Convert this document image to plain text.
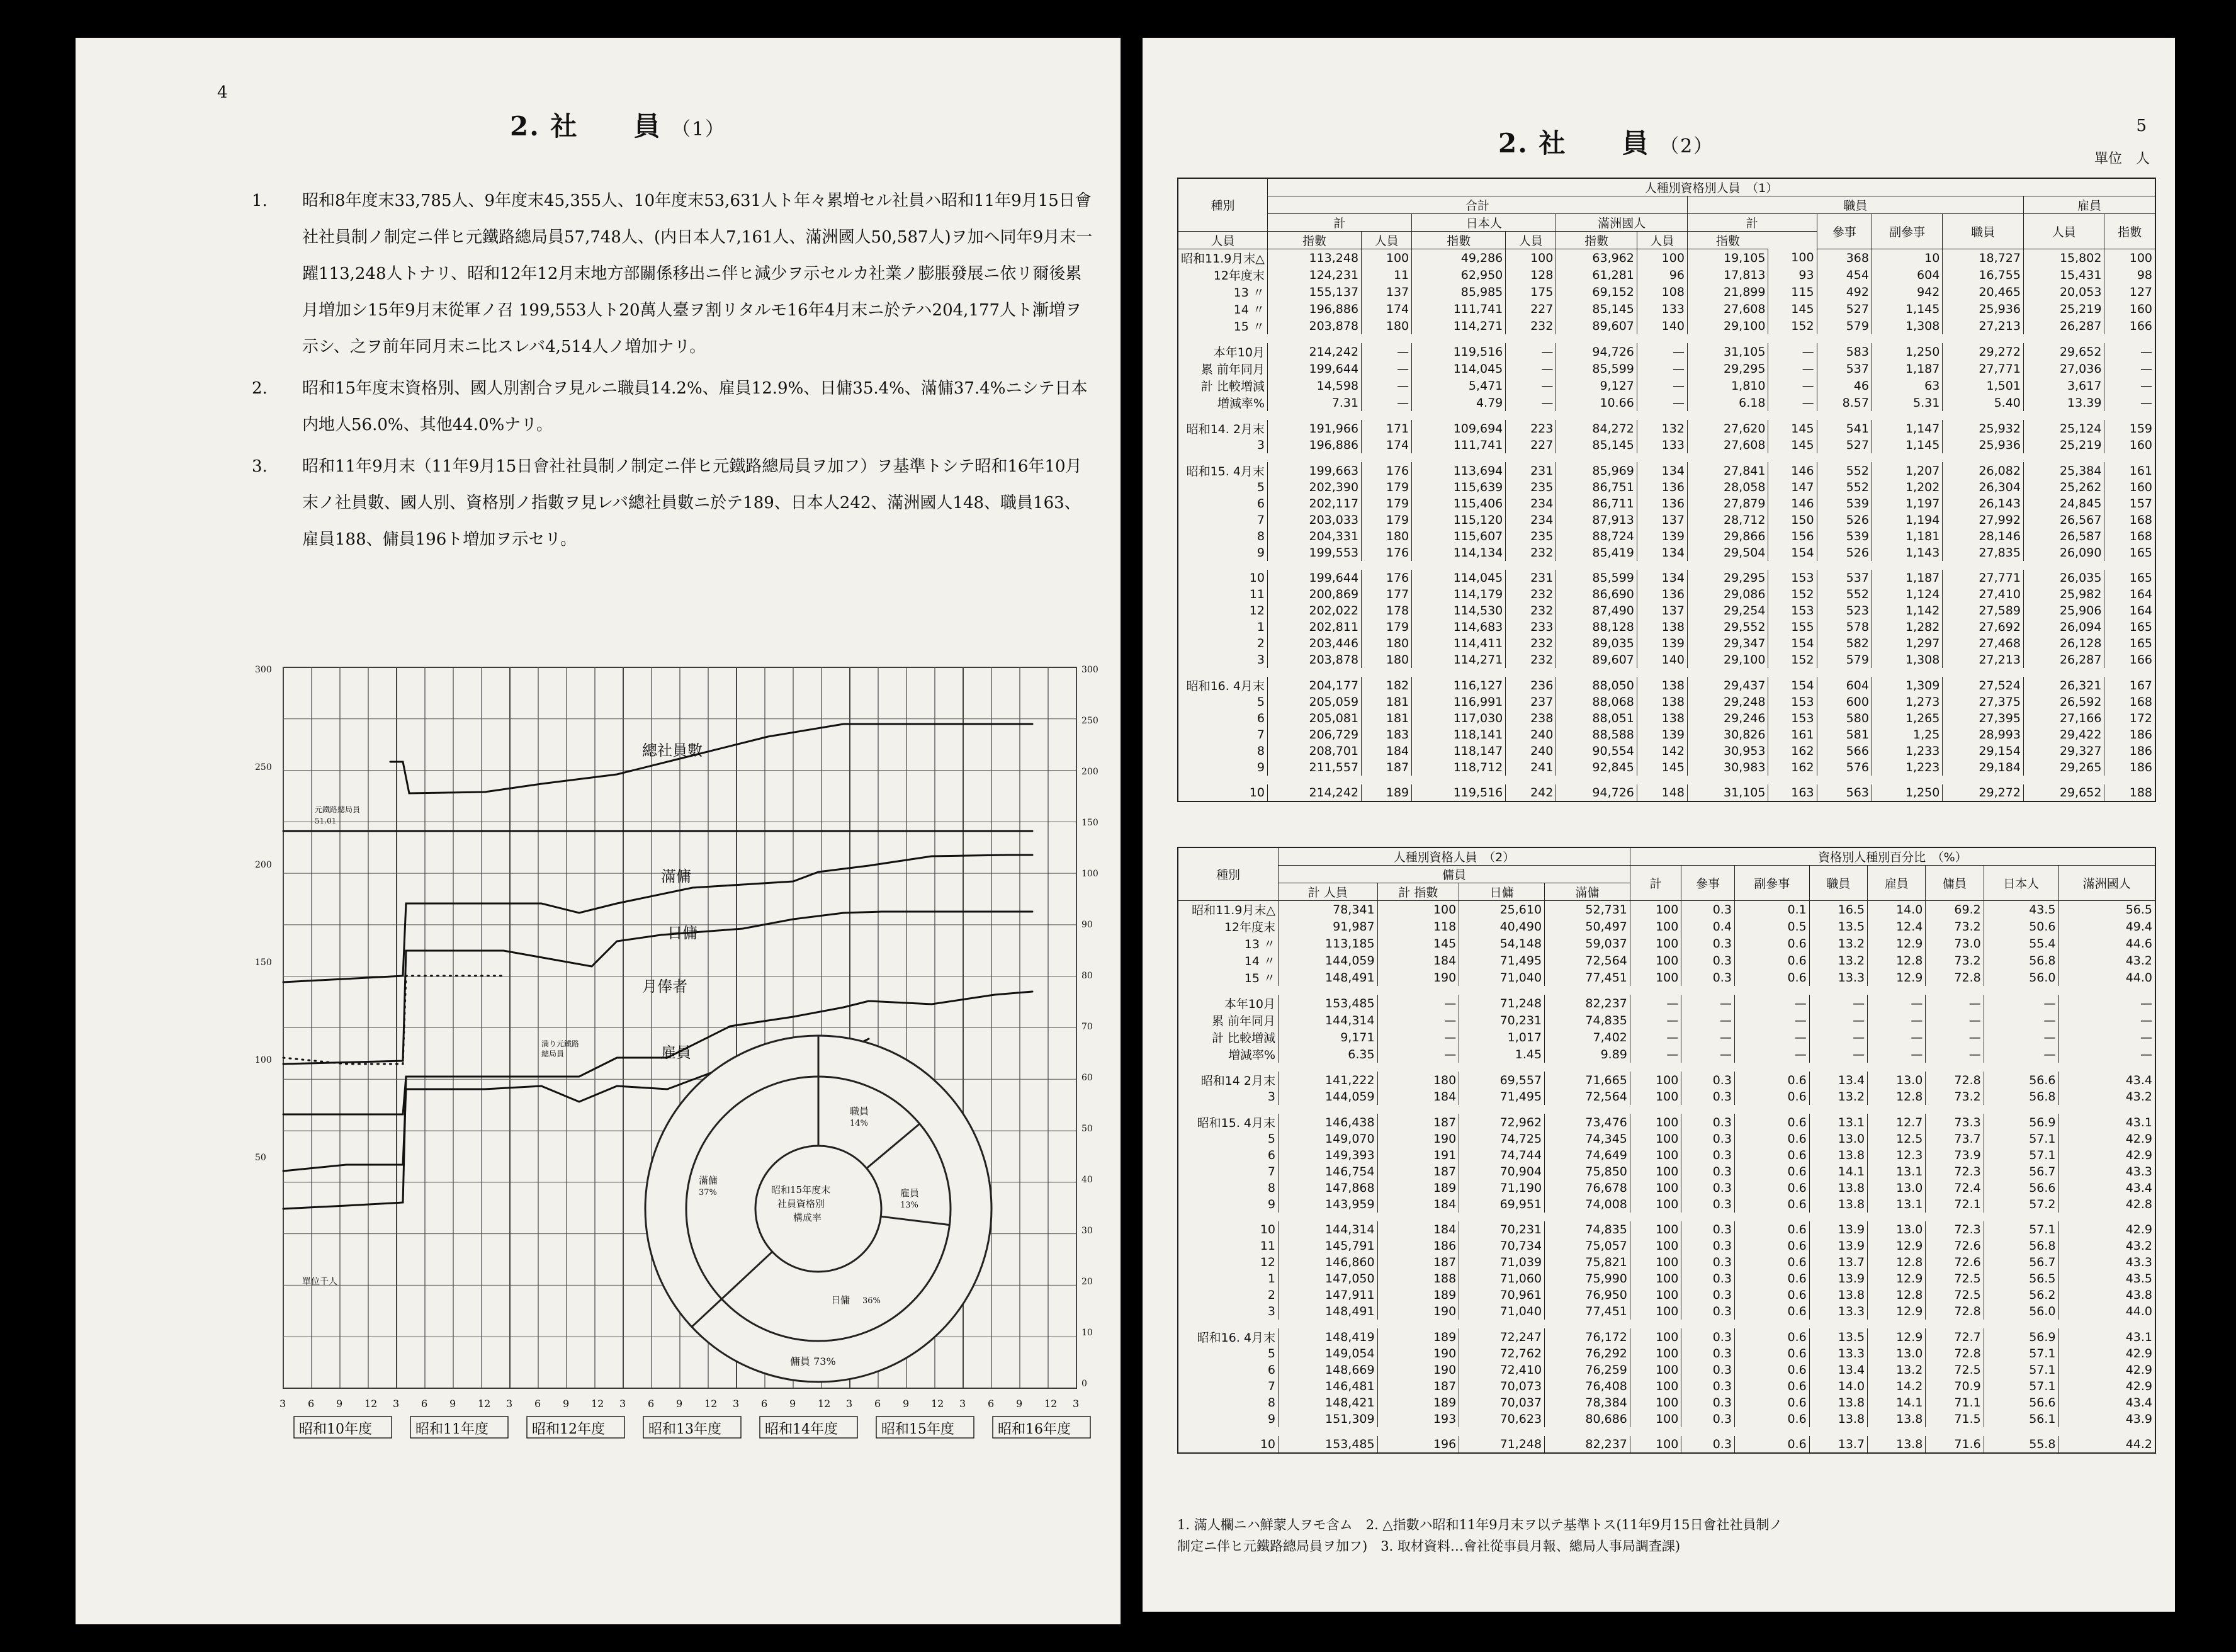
4
2. 社　　員 （1）
1. 昭和8年度末33,785人、9年度末45,355人、10年度末53,631人ト年々累増セル社員ハ昭和11年9月15日會社社員制ノ制定ニ伴ヒ元鐵路總局員57,748人、(内日本人7,161人、滿洲國人50,587人)ヲ加ヘ同年9月末一躍113,248人トナリ、昭和12年12月末地方部關係移出ニ伴ヒ減少ヲ示セルカ社業ノ膨脹發展ニ依リ爾後累月増加シ15年9月末從軍ノ召 199,553人ト20萬人臺ヲ割リタルモ16年4月末ニ於テハ204,177人ト漸増ヲ示シ、之ヲ前年同月末ニ比スレバ4,514人ノ増加ナリ。
2. 昭和15年度末資格別、國人別割合ヲ見ルニ職員14.2%、雇員12.9%、日傭35.4%、滿傭37.4%ニシテ日本内地人56.0%、其他44.0%ナリ。
3. 昭和11年9月末（11年9月15日會社社員制ノ制定ニ伴ヒ元鐵路總局員ヲ加フ）ヲ基準トシテ昭和16年10月末ノ社員數、國人別、資格別ノ指數ヲ見レバ總社員數ニ於テ189、日本人242、滿洲國人148、職員163、雇員188、傭員196ト増加ヲ示セリ。
3 6 9 12 3 6 9 12 3 6 9 12 3 6 9 12 3 6 9 12 3 6 9 12 3 6 9 12 3
300
250
200
150
100
50
300
250
200
150
100
90
80
70
60
50
40
30
20
10
0
昭和10年度	昭和11年度	昭和12年度	昭和13年度	昭和14年度	昭和15年度	昭和16年度
總社員數
滿傭
日傭
月俸者
雇員
元鐵路總局員
51.01
満り元鐵路
總局員
單位千人
職員
14%
雇員
13%
日傭 36%
滿傭
37%	昭和15年度末
社員資格別
構成率
傭員 73%
5
2. 社　　員 （2）
單位　人
種別	人種別資格別人員　（1）												
	合計						職員					雇員	
	計		日本人		滿洲國人		計		參事	副參事	職員	人員	指數
人員	指數	人員	指數	人員	指數	人員	指數						
昭和11.9月末△	113,248	100	49,286	100	63,962	100	19,105	100	368	10	18,727	15,802	100
12年度末	124,231	11	62,950	128	61,281	96	17,813	93	454	604	16,755	15,431	98
13 〃	155,137	137	85,985	175	69,152	108	21,899	115	492	942	20,465	20,053	127
14 〃	196,886	174	111,741	227	85,145	133	27,608	145	527	1,145	25,936	25,219	160
15 〃	203,878	180	114,271	232	89,607	140	29,100	152	579	1,308	27,213	26,287	166

本年10月	214,242	—	119,516	—	94,726	—	31,105	—	583	1,250	29,272	29,652	—
累 前年同月	199,644	—	114,045	—	85,599	—	29,295	—	537	1,187	27,771	27,036	—
計 比較増減	14,598	—	5,471	—	9,127	—	1,810	—	46	63	1,501	3,617	—
増減率%	7.31	—	4.79	—	10.66	—	6.18	—	8.57	5.31	5.40	13.39	—

昭和14. 2月末	191,966	171	109,694	223	84,272	132	27,620	145	541	1,147	25,932	25,124	159
3	196,886	174	111,741	227	85,145	133	27,608	145	527	1,145	25,936	25,219	160

昭和15. 4月末	199,663	176	113,694	231	85,969	134	27,841	146	552	1,207	26,082	25,384	161
5	202,390	179	115,639	235	86,751	136	28,058	147	552	1,202	26,304	25,262	160
6	202,117	179	115,406	234	86,711	136	27,879	146	539	1,197	26,143	24,845	157
7	203,033	179	115,120	234	87,913	137	28,712	150	526	1,194	27,992	26,567	168
8	204,331	180	115,607	235	88,724	139	29,866	156	539	1,181	28,146	26,587	168
9	199,553	176	114,134	232	85,419	134	29,504	154	526	1,143	27,835	26,090	165

10	199,644	176	114,045	231	85,599	134	29,295	153	537	1,187	27,771	26,035	165
11	200,869	177	114,179	232	86,690	136	29,086	152	552	1,124	27,410	25,982	164
12	202,022	178	114,530	232	87,490	137	29,254	153	523	1,142	27,589	25,906	164
1	202,811	179	114,683	233	88,128	138	29,552	155	578	1,282	27,692	26,094	165
2	203,446	180	114,411	232	89,035	139	29,347	154	582	1,297	27,468	26,128	165
3	203,878	180	114,271	232	89,607	140	29,100	152	579	1,308	27,213	26,287	166

昭和16. 4月末	204,177	182	116,127	236	88,050	138	29,437	154	604	1,309	27,524	26,321	167
5	205,059	181	116,991	237	88,068	138	29,248	153	600	1,273	27,375	26,592	168
6	205,081	181	117,030	238	88,051	138	29,246	153	580	1,265	27,395	27,166	172
7	206,729	183	118,141	240	88,588	139	30,826	161	581	1,25	28,993	29,422	186
8	208,701	184	118,147	240	90,554	142	30,953	162	566	1,233	29,154	29,327	186
9	211,557	187	118,712	241	92,845	145	30,983	162	576	1,223	29,184	29,265	186

10	214,242	189	119,516	242	94,726	148	31,105	163	563	1,250	29,272	29,652	188
種別	人種別資格人員　（2）				資格別人種別百分比　（%）							
	傭員				計	參事	副參事	職員	雇員	傭員	日本人	滿洲國人
	計 人員	計 指數	日傭	滿傭								
昭和11.9月末△	78,341	100	25,610	52,731	100	0.3	0.1	16.5	14.0	69.2	43.5	56.5
12年度末	91,987	118	40,490	50,497	100	0.4	0.5	13.5	12.4	73.2	50.6	49.4
13 〃	113,185	145	54,148	59,037	100	0.3	0.6	13.2	12.9	73.0	55.4	44.6
14 〃	144,059	184	71,495	72,564	100	0.3	0.6	13.2	12.8	73.2	56.8	43.2
15 〃	148,491	190	71,040	77,451	100	0.3	0.6	13.3	12.9	72.8	56.0	44.0

本年10月	153,485	—	71,248	82,237	—	—	—	—	—	—	—	—
累 前年同月	144,314	—	70,231	74,835	—	—	—	—	—	—	—	—
計 比較増減	9,171	—	1,017	7,402	—	—	—	—	—	—	—	—
増減率%	6.35	—	1.45	9.89	—	—	—	—	—	—	—	—

昭和14 2月末	141,222	180	69,557	71,665	100	0.3	0.6	13.4	13.0	72.8	56.6	43.4
3	144,059	184	71,495	72,564	100	0.3	0.6	13.2	12.8	73.2	56.8	43.2

昭和15. 4月末	146,438	187	72,962	73,476	100	0.3	0.6	13.1	12.7	73.3	56.9	43.1
5	149,070	190	74,725	74,345	100	0.3	0.6	13.0	12.5	73.7	57.1	42.9
6	149,393	191	74,744	74,649	100	0.3	0.6	13.8	12.3	73.9	57.1	42.9
7	146,754	187	70,904	75,850	100	0.3	0.6	14.1	13.1	72.3	56.7	43.3
8	147,868	189	71,190	76,678	100	0.3	0.6	13.8	13.0	72.4	56.6	43.4
9	143,959	184	69,951	74,008	100	0.3	0.6	13.8	13.1	72.1	57.2	42.8

10	144,314	184	70,231	74,835	100	0.3	0.6	13.9	13.0	72.3	57.1	42.9
11	145,791	186	70,734	75,057	100	0.3	0.6	13.9	12.9	72.6	56.8	43.2
12	146,860	187	71,039	75,821	100	0.3	0.6	13.7	12.8	72.6	56.7	43.3
1	147,050	188	71,060	75,990	100	0.3	0.6	13.9	12.9	72.5	56.5	43.5
2	147,911	189	70,961	76,950	100	0.3	0.6	13.8	12.8	72.5	56.2	43.8
3	148,491	190	71,040	77,451	100	0.3	0.6	13.3	12.9	72.8	56.0	44.0

昭和16. 4月末	148,419	189	72,247	76,172	100	0.3	0.6	13.5	12.9	72.7	56.9	43.1
5	149,054	190	72,762	76,292	100	0.3	0.6	13.3	13.0	72.8	57.1	42.9
6	148,669	190	72,410	76,259	100	0.3	0.6	13.4	13.2	72.5	57.1	42.9
7	146,481	187	70,073	76,408	100	0.3	0.6	14.0	14.2	70.9	57.1	42.9
8	148,421	189	70,037	78,384	100	0.3	0.6	13.8	14.1	71.1	56.6	43.4
9	151,309	193	70,623	80,686	100	0.3	0.6	13.8	13.8	71.5	56.1	43.9

10	153,485	196	71,248	82,237	100	0.3	0.6	13.7	13.8	71.6	55.8	44.2
1. 滿人欄ニハ鮮蒙人ヲモ含ム　2. △指數ハ昭和11年9月末ヲ以テ基準トス(11年9月15日會社社員制ノ
制定ニ伴ヒ元鐵路總局員ヲ加フ)　3. 取材資料…會社從事員月報、總局人事局調査課)
